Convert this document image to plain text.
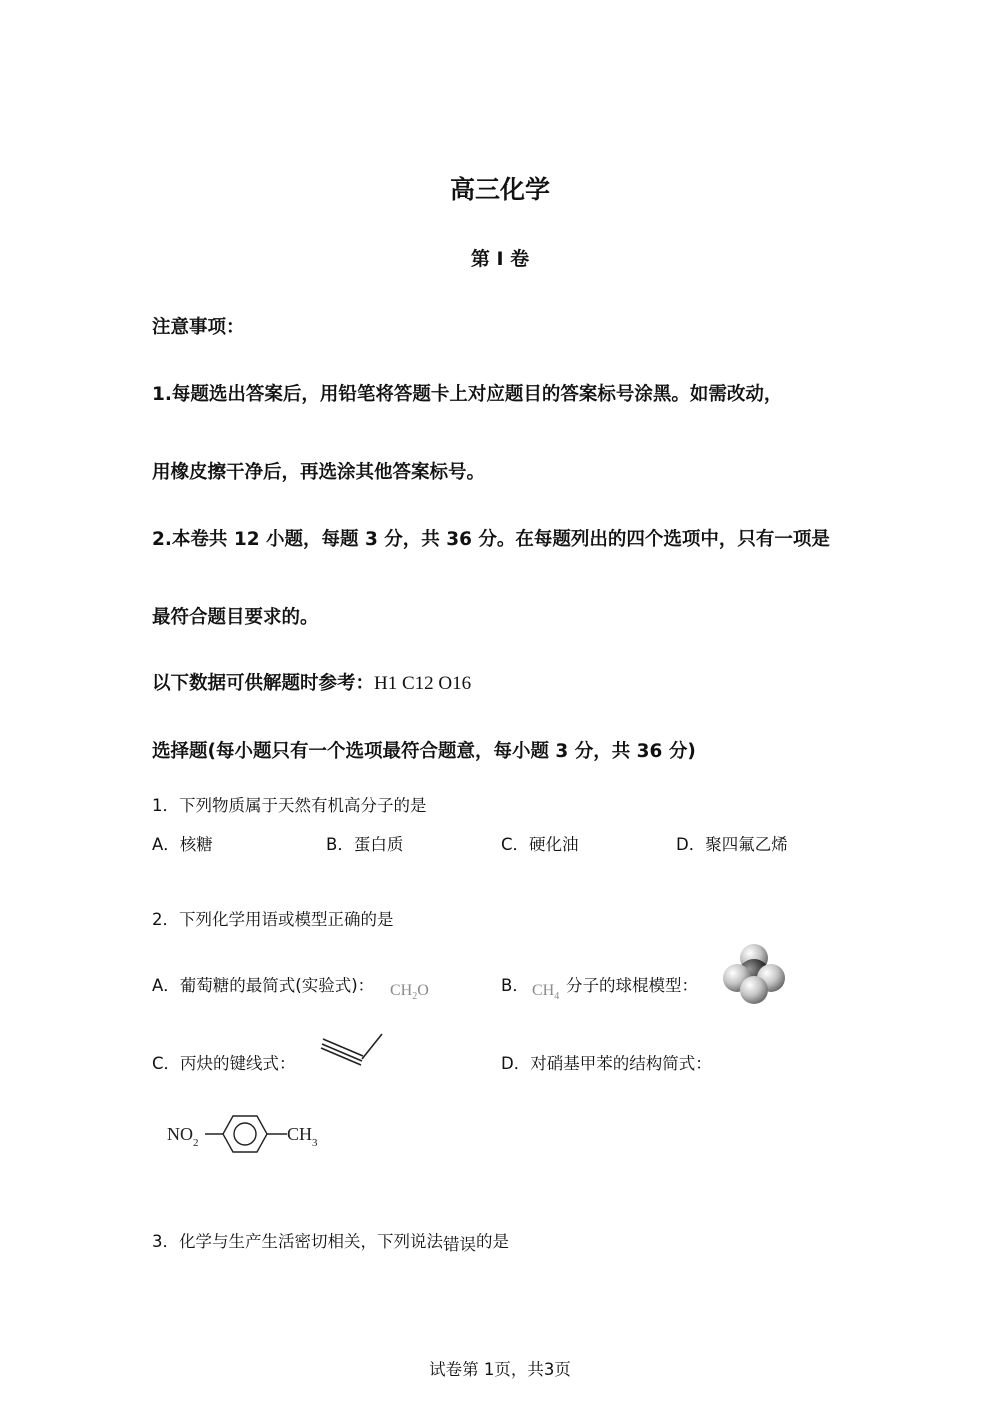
高三化学
第 I 卷
注意事项：
1.每题选出答案后，用铅笔将答题卡上对应题目的答案标号涂黑。如需改动，
用橡皮擦干净后，再选涂其他答案标号。
2.本卷共 12 小题，每题 3 分，共 36 分。在每题列出的四个选项中，只有一项是
最符合题目要求的。
以下数据可供解题时参考：H1 C12 O16
选择题(每小题只有一个选项最符合题意，每小题 3 分，共 36 分)
1．下列物质属于天然有机高分子的是
A．核糖	B．蛋白质	C．硬化油	D．聚四氟乙烯
2．下列化学用语或模型正确的是
A．葡萄糖的最简式(实验式)： $CH_2O$	B． $CH_4$
分子的球棍模型：
C．丙炔的键线式：	D．对硝基甲苯的结构简式：
$NO_2$	$CH_3$
3．化学与生产生活密切相关，下列说法错误的是
试卷第 1页，共3页
